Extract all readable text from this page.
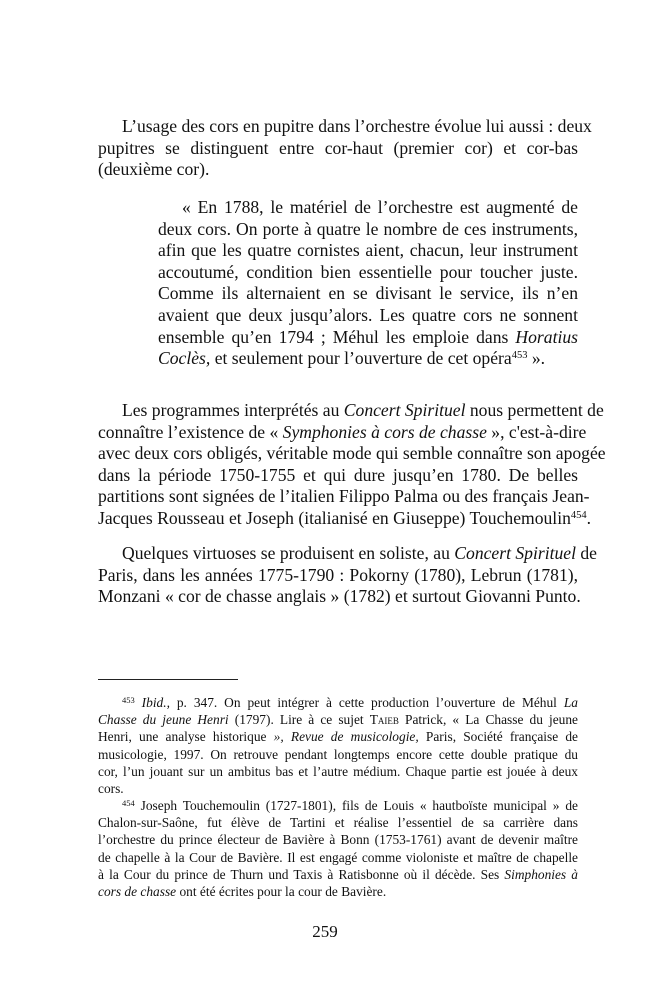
L’usage des cors en pupitre dans l’orchestre évolue lui aussi : deux
pupitres se distinguent entre cor-haut (premier cor) et cor-bas
(deuxième cor).
« En 1788, le matériel de l’orchestre est augmenté de
deux cors. On porte à quatre le nombre de ces instruments,
afin que les quatre cornistes aient, chacun, leur instrument
accoutumé, condition bien essentielle pour toucher juste.
Comme ils alternaient en se divisant le service, ils n’en
avaient que deux jusqu’alors. Les quatre cors ne sonnent
ensemble qu’en 1794 ; Méhul les emploie dans Horatius
Coclès, et seulement pour l’ouverture de cet opéra$^{453}$ ».
Les programmes interprétés au Concert Spirituel nous permettent de
connaître l’existence de « Symphonies à cors de chasse », c'est-à-dire
avec deux cors obligés, véritable mode qui semble connaître son apogée
dans la période 1750-1755 et qui dure jusqu’en 1780. De belles
partitions sont signées de l’italien Filippo Palma ou des français Jean-
Jacques Rousseau et Joseph (italianisé en Giuseppe) Touchemoulin$^{454}$.
Quelques virtuoses se produisent en soliste, au Concert Spirituel de
Paris, dans les années 1775-1790 : Pokorny (1780), Lebrun (1781),
Monzani « cor de chasse anglais » (1782) et surtout Giovanni Punto.
$^{453}$ Ibid., p. 347. On peut intégrer à cette production l’ouverture de Méhul La
Chasse du jeune Henri (1797). Lire à ce sujet Taieb Patrick, « La Chasse du jeune
Henri, une analyse historique », Revue de musicologie, Paris, Société française de
musicologie, 1997. On retrouve pendant longtemps encore cette double pratique du
cor, l’un jouant sur un ambitus bas et l’autre médium. Chaque partie est jouée à deux
cors.
$^{454}$ Joseph Touchemoulin (1727-1801), fils de Louis « hautboïste municipal » de
Chalon-sur-Saône, fut élève de Tartini et réalise l’essentiel de sa carrière dans
l’orchestre du prince électeur de Bavière à Bonn (1753-1761) avant de devenir maître
de chapelle à la Cour de Bavière. Il est engagé comme violoniste et maître de chapelle
à la Cour du prince de Thurn und Taxis à Ratisbonne où il décède. Ses Simphonies à
cors de chasse ont été écrites pour la cour de Bavière.
259
